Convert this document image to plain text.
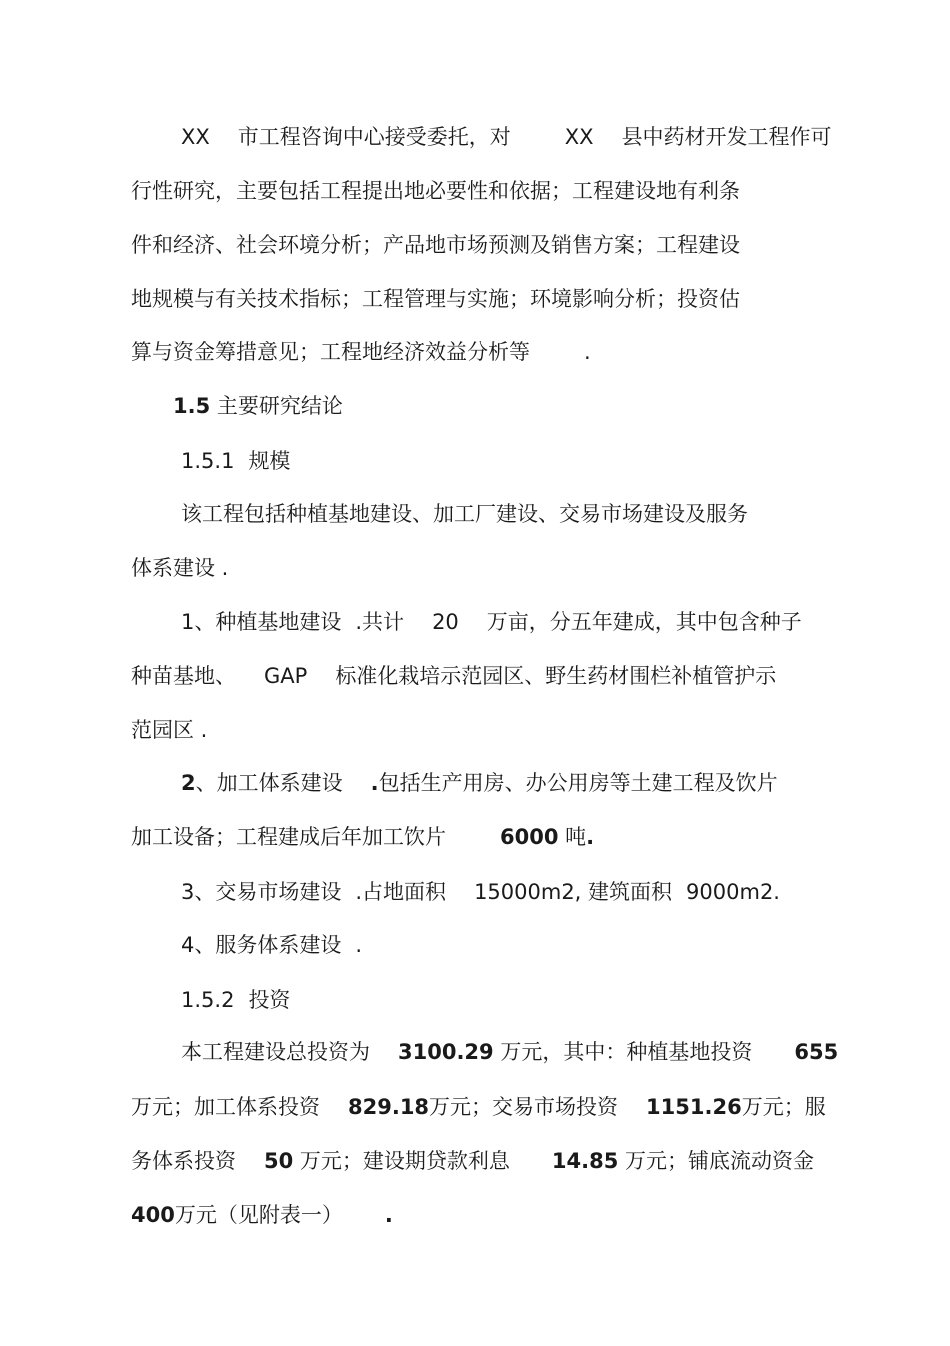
XX 市工程咨询中心接受委托，对	XX 县中药材开发工程作可

行性研究，主要包括工程提出地必要性和依据；工程建设地有利条

件和经济、社会环境分析；产品地市场预测及销售方案；工程建设

地规模与有关技术指标；工程管理与实施；环境影响分析；投资估

算与资金筹措意见；工程地经济效益分析等	.

1.5 主要研究结论

1.5.1 规模

该工程包括种植基地建设、加工厂建设、交易市场建设及服务

体系建设 .

1、种植基地建设 .共计 20 万亩，分五年建成，其中包含种子

种苗基地、 GAP 标准化栽培示范园区、野生药材围栏补植管护示

范园区 .

2、加工体系建设 .包括生产用房、办公用房等土建工程及饮片

加工设备；工程建成后年加工饮片	6000 吨.

3、交易市场建设 .占地面积 15000m2, 建筑面积 9000m2.

4、服务体系建设 .

1.5.2 投资

本工程建设总投资为 3100.29 万元，其中：种植基地投资 655

万元；加工体系投资 829.18万元；交易市场投资 1151.26万元；服

务体系投资 50 万元；建设期贷款利息 14.85 万元；铺底流动资金

400万元（见附表一） .
